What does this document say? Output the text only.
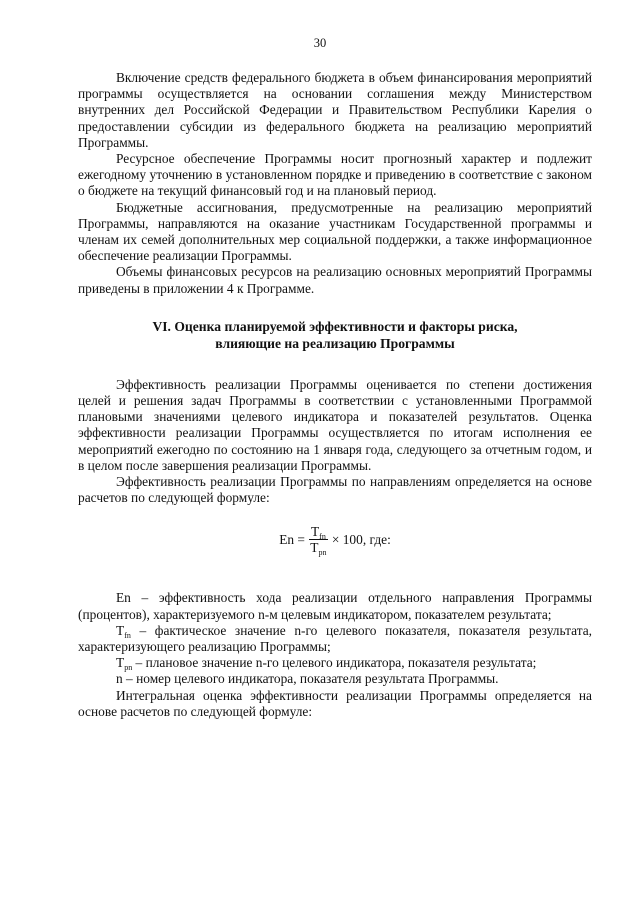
30

Включение средств федерального бюджета в объем финансирования мероприятий программы осуществляется на основании соглашения между Министерством внутренних дел Российской Федерации и Правительством Республики Карелия о предоставлении субсидии из федерального бюджета на реализацию мероприятий Программы.

Ресурсное обеспечение Программы носит прогнозный характер и подлежит ежегодному уточнению в установленном порядке и приведению в соответствие с законом о бюджете на текущий финансовый год и на плановый период.

Бюджетные ассигнования, предусмотренные на реализацию мероприятий Программы, направляются на оказание участникам Государственной программы и членам их семей дополнительных мер социальной поддержки, а также информационное обеспечение реализации Программы.

Объемы финансовых ресурсов на реализацию основных мероприятий Программы приведены в приложении 4 к Программе.

VI. Оценка планируемой эффективности и факторы риска,
влияющие на реализацию Программы

Эффективность реализации Программы оценивается по степени достижения целей и решения задач Программы в соответствии с установленными Программой плановыми значениями целевого индикатора и показателей результатов. Оценка эффективности реализации Программы осуществляется по итогам исполнения ее мероприятий ежегодно по состоянию на 1 января года, следующего за отчетным годом, и в целом после завершения реализации Программы.

Эффективность реализации Программы по направлениям определяется на основе расчетов по следующей формуле:

$En = \frac{T_{fn}}{T_{pn}} \times 100$, где:

En – эффективность хода реализации отдельного направления Программы (процентов), характеризуемого n-м целевым индикатором, показателем результата;

$T_{fn}$ – фактическое значение n-го целевого показателя, показателя результата, характеризующего реализацию Программы;

$T_{pn}$ – плановое значение n-го целевого индикатора, показателя результата;

n – номер целевого индикатора, показателя результата Программы.

Интегральная оценка эффективности реализации Программы определяется на основе расчетов по следующей формуле:
